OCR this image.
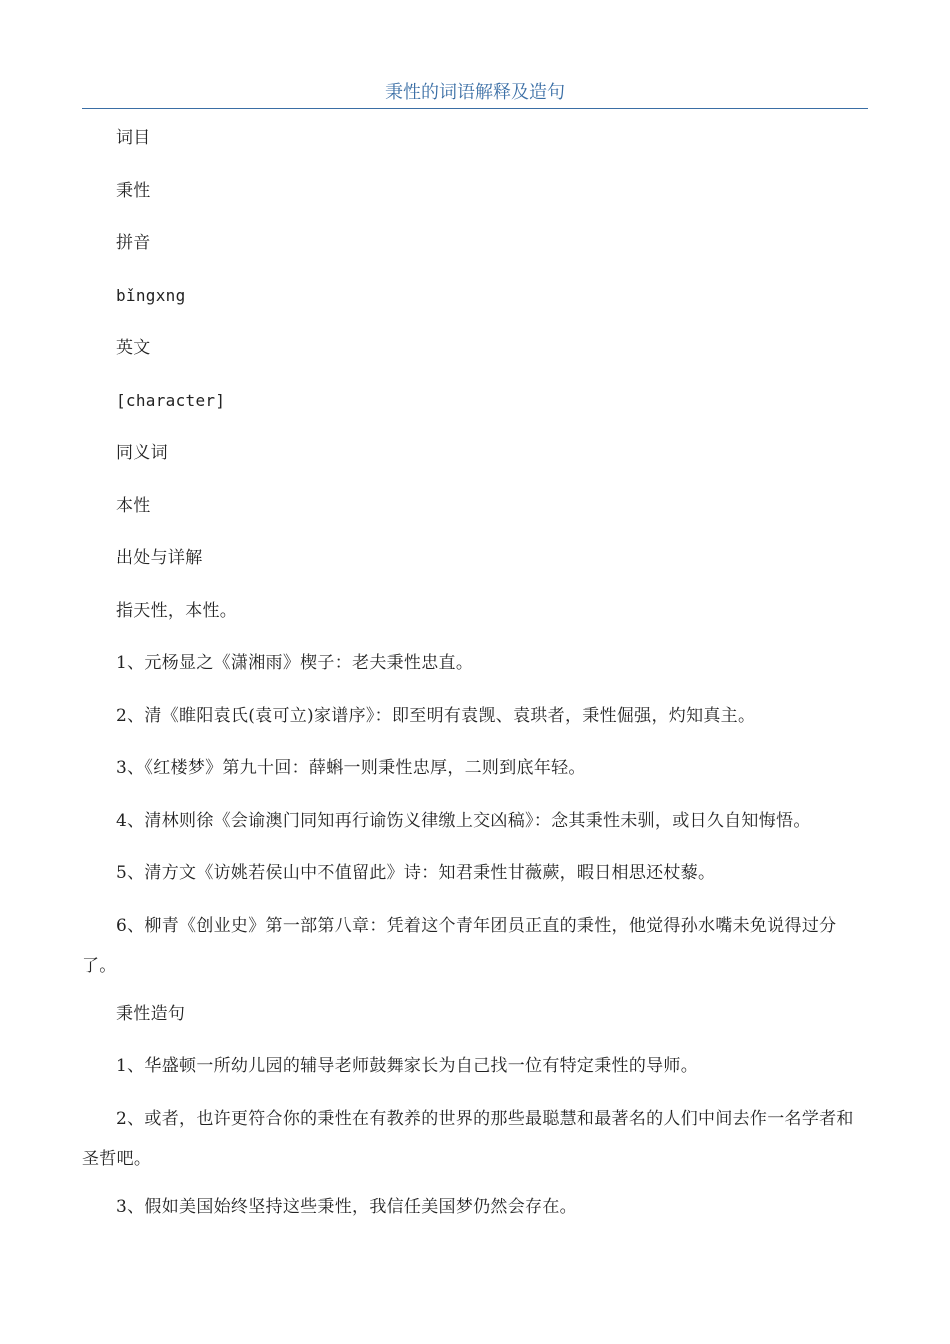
秉性的词语解释及造句

词目

秉性

拼音

bǐngxng

英文

[character]

同义词

本性

出处与详解

指天性，本性。

1、元杨显之《潇湘雨》楔子：老夫秉性忠直。

2、清《睢阳袁氏(袁可立)家谱序》：即至明有袁觊、袁珙者，秉性倔强，灼知真主。

3、《红楼梦》第九十回：薛蝌一则秉性忠厚，二则到底年轻。

4、清林则徐《会谕澳门同知再行谕饬义律缴上交凶稿》：念其秉性未驯，或日久自知悔悟。

5、清方文《访姚若侯山中不值留此》诗：知君秉性甘薇蕨，暇日相思还杖藜。

6、柳青《创业史》第一部第八章：凭着这个青年团员正直的秉性，他觉得孙水嘴未免说得过分了。

秉性造句

1、华盛顿一所幼儿园的辅导老师鼓舞家长为自己找一位有特定秉性的导师。

2、或者，也许更符合你的秉性在有教养的世界的那些最聪慧和最著名的人们中间去作一名学者和圣哲吧。

3、假如美国始终坚持这些秉性，我信任美国梦仍然会存在。
